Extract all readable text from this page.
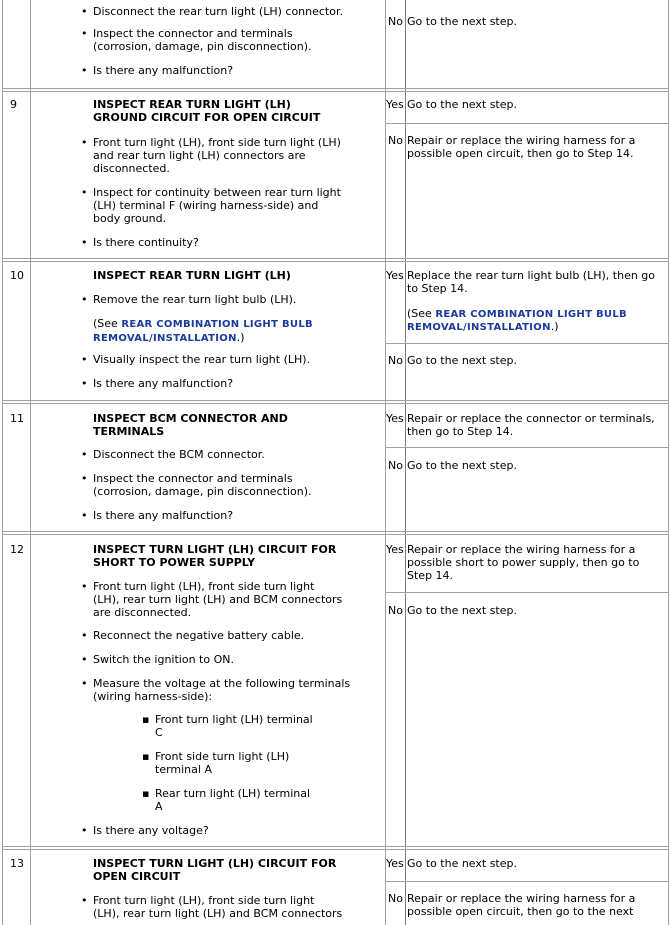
• Disconnect the rear turn light (LH) connector.
• Inspect the connector and terminals
(corrosion, damage, pin disconnection).
• Is there any malfunction?
No Go to the next step.
9	INSPECT REAR TURN LIGHT (LH)
GROUND CIRCUIT FOR OPEN CIRCUIT
• Front turn light (LH), front side turn light (LH)
and rear turn light (LH) connectors are
disconnected.
• Inspect for continuity between rear turn light
(LH) terminal F (wiring harness-side) and
body ground.
• Is there continuity?
Yes Go to the next step.
No Repair or replace the wiring harness for a
possible open circuit, then go to Step 14.
10	INSPECT REAR TURN LIGHT (LH)
• Remove the rear turn light bulb (LH).
(See REAR COMBINATION LIGHT BULB
REMOVAL/INSTALLATION.)
• Visually inspect the rear turn light (LH).
• Is there any malfunction?
Yes Replace the rear turn light bulb (LH), then go
to Step 14.
(See REAR COMBINATION LIGHT BULB
REMOVAL/INSTALLATION.)
No Go to the next step.
11	INSPECT BCM CONNECTOR AND
TERMINALS
• Disconnect the BCM connector.
• Inspect the connector and terminals
(corrosion, damage, pin disconnection).
• Is there any malfunction?
Yes Repair or replace the connector or terminals,
then go to Step 14.
No Go to the next step.
12	INSPECT TURN LIGHT (LH) CIRCUIT FOR
SHORT TO POWER SUPPLY
• Front turn light (LH), front side turn light
(LH), rear turn light (LH) and BCM connectors
are disconnected.
• Reconnect the negative battery cable.
• Switch the ignition to ON.
• Measure the voltage at the following terminals
(wiring harness-side):
▪ Front turn light (LH) terminal
C
▪ Front side turn light (LH)
terminal A
▪ Rear turn light (LH) terminal
A
• Is there any voltage?
Yes Repair or replace the wiring harness for a
possible short to power supply, then go to
Step 14.
No Go to the next step.
13	INSPECT TURN LIGHT (LH) CIRCUIT FOR
OPEN CIRCUIT
• Front turn light (LH), front side turn light
(LH), rear turn light (LH) and BCM connectors
Yes Go to the next step.
No Repair or replace the wiring harness for a
possible open circuit, then go to the next
